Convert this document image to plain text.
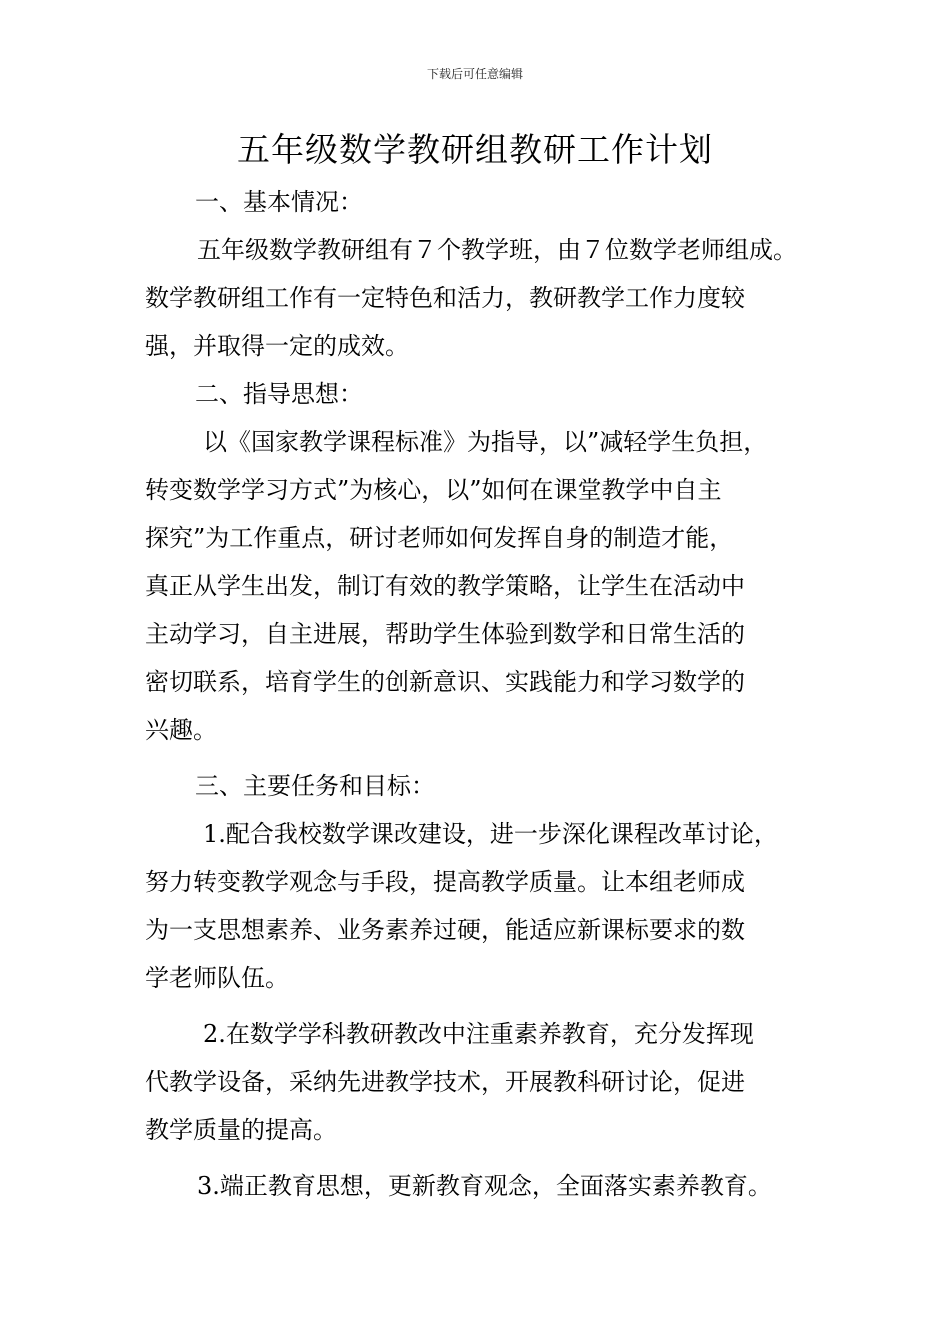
下载后可任意编辑
五年级数学教研组教研工作计划

一、基本情况：

五年级数学教研组有７个教学班，由７位数学老师组成。
数学教研组工作有一定特色和活力，教研教学工作力度较
强，并取得一定的成效。

二、指导思想：

以《国家教学课程标准》为指导，以”减轻学生负担，
转变数学学习方式”为核心，以”如何在课堂教学中自主
探究”为工作重点，研讨老师如何发挥自身的制造才能，
真正从学生出发，制订有效的教学策略，让学生在活动中
主动学习，自主进展，帮助学生体验到数学和日常生活的
密切联系，培育学生的创新意识、实践能力和学习数学的
兴趣。

三、主要任务和目标：

1.配合我校数学课改建设，进一步深化课程改革讨论，
努力转变教学观念与手段，提高教学质量。让本组老师成
为一支思想素养、业务素养过硬，能适应新课标要求的数
学老师队伍。

2.在数学学科教研教改中注重素养教育，充分发挥现
代教学设备，采纳先进教学技术，开展教科研讨论，促进
教学质量的提高。

3.端正教育思想，更新教育观念，全面落实素养教育。
